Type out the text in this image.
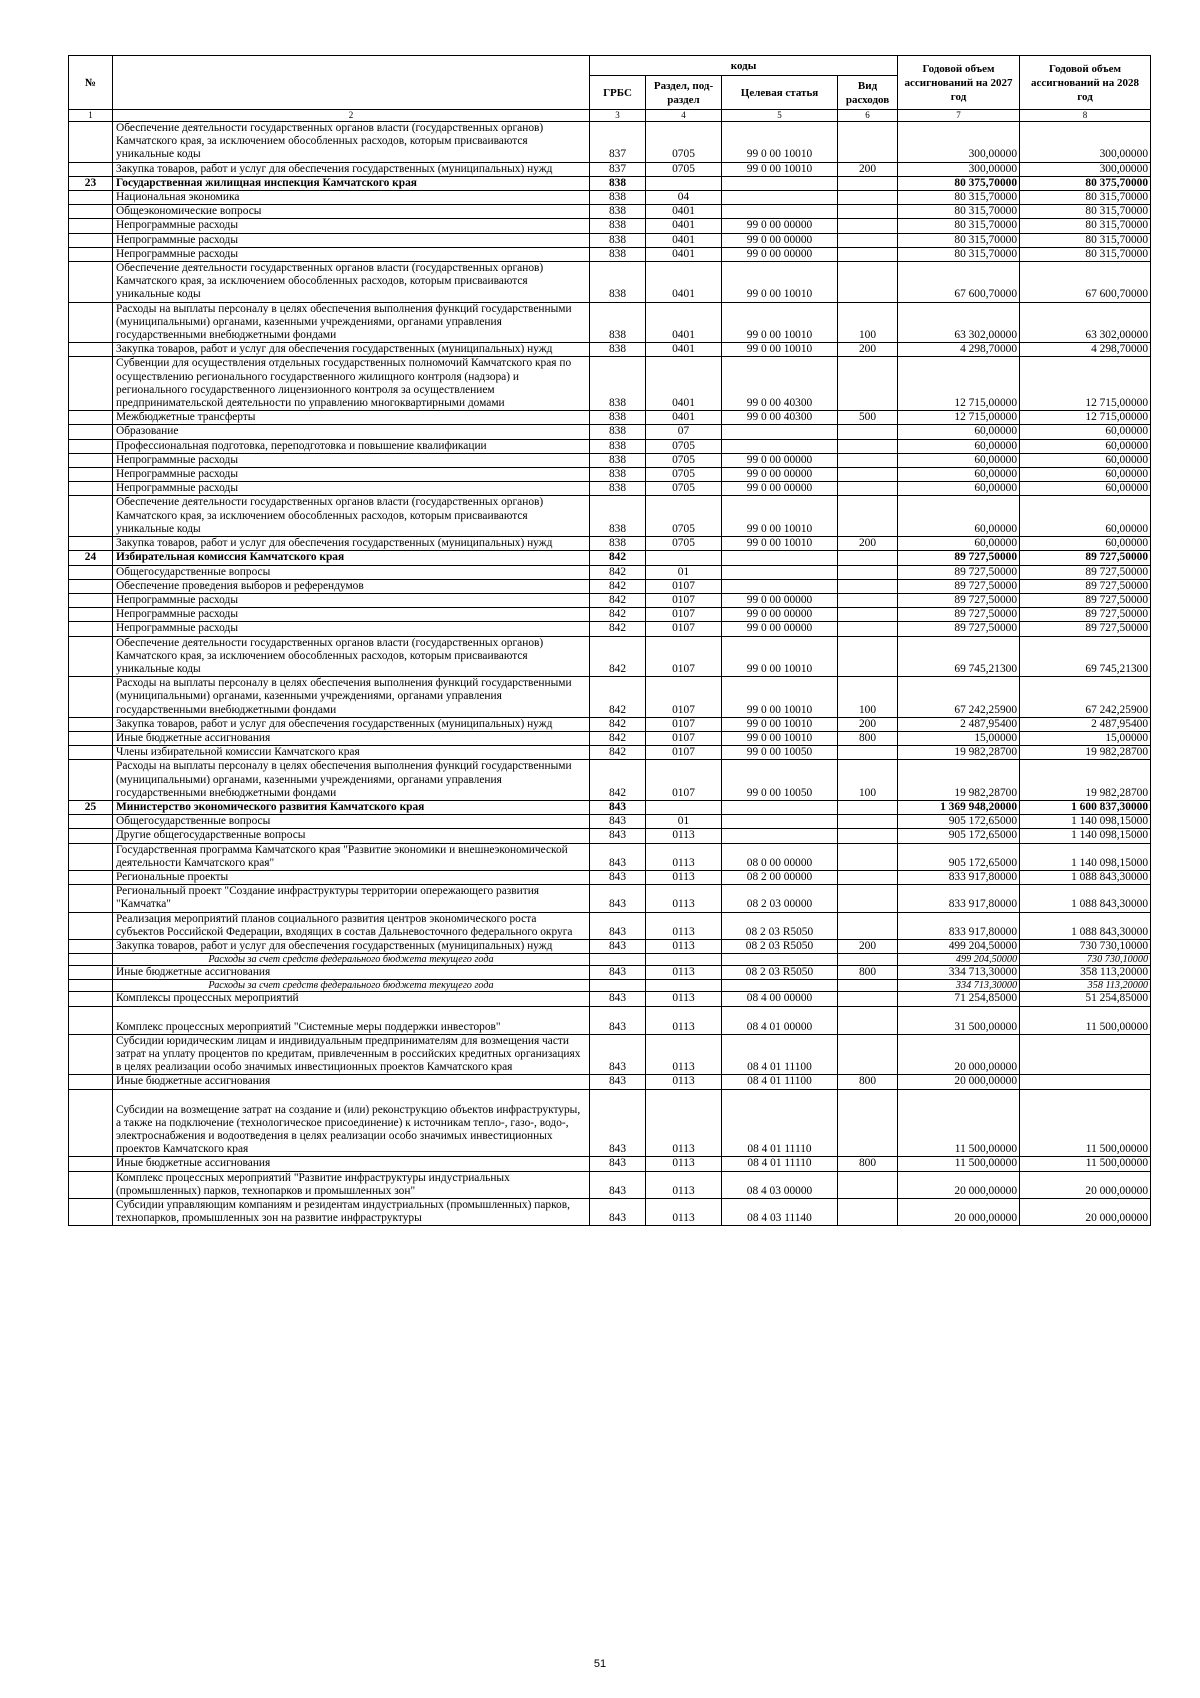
№		коды				Годовой объем ассигнований на 2027 год	Годовой объем ассигнований на 2028 год
		ГРБС	Раздел, под-раздел	Целевая статья	Вид расходов		
1	2	3	4	5	6	7	8
	Обеспечение деятельности государственных органов власти (государственных органов) Камчатского края, за исключением обособленных расходов, которым присваиваются уникальные коды	837	0705	99 0 00 10010		300,00000	300,00000
	Закупка товаров, работ и услуг для обеспечения государственных (муниципальных) нужд	837	0705	99 0 00 10010	200	300,00000	300,00000
23	Государственная жилищная инспекция Камчатского края	838				80 375,70000	80 375,70000
	Национальная экономика	838	04			80 315,70000	80 315,70000
	Общеэкономические вопросы	838	0401			80 315,70000	80 315,70000
	Непрограммные расходы	838	0401	99 0 00 00000		80 315,70000	80 315,70000
	Непрограммные расходы	838	0401	99 0 00 00000		80 315,70000	80 315,70000
	Непрограммные расходы	838	0401	99 0 00 00000		80 315,70000	80 315,70000
	Обеспечение деятельности государственных органов власти (государственных органов) Камчатского края, за исключением обособленных расходов, которым присваиваются уникальные коды	838	0401	99 0 00 10010		67 600,70000	67 600,70000
	Расходы на выплаты персоналу в целях обеспечения выполнения функций государственными (муниципальными) органами, казенными учреждениями, органами управления государственными внебюджетными фондами	838	0401	99 0 00 10010	100	63 302,00000	63 302,00000
	Закупка товаров, работ и услуг для обеспечения государственных (муниципальных) нужд	838	0401	99 0 00 10010	200	4 298,70000	4 298,70000
	Субвенции для осуществления отдельных государственных полномочий Камчатского края по осуществлению регионального государственного жилищного контроля (надзора) и регионального государственного лицензионного контроля за осуществлением предпринимательской деятельности по управлению многоквартирными домами	838	0401	99 0 00 40300		12 715,00000	12 715,00000
	Межбюджетные трансферты	838	0401	99 0 00 40300	500	12 715,00000	12 715,00000
	Образование	838	07			60,00000	60,00000
	Профессиональная подготовка, переподготовка и повышение квалификации	838	0705			60,00000	60,00000
	Непрограммные расходы	838	0705	99 0 00 00000		60,00000	60,00000
	Непрограммные расходы	838	0705	99 0 00 00000		60,00000	60,00000
	Непрограммные расходы	838	0705	99 0 00 00000		60,00000	60,00000
	Обеспечение деятельности государственных органов власти (государственных органов) Камчатского края, за исключением обособленных расходов, которым присваиваются уникальные коды	838	0705	99 0 00 10010		60,00000	60,00000
	Закупка товаров, работ и услуг для обеспечения государственных (муниципальных) нужд	838	0705	99 0 00 10010	200	60,00000	60,00000
24	Избирательная комиссия Камчатского края	842				89 727,50000	89 727,50000
	Общегосударственные вопросы	842	01			89 727,50000	89 727,50000
	Обеспечение проведения выборов и референдумов	842	0107			89 727,50000	89 727,50000
	Непрограммные расходы	842	0107	99 0 00 00000		89 727,50000	89 727,50000
	Непрограммные расходы	842	0107	99 0 00 00000		89 727,50000	89 727,50000
	Непрограммные расходы	842	0107	99 0 00 00000		89 727,50000	89 727,50000
	Обеспечение деятельности государственных органов власти (государственных органов) Камчатского края, за исключением обособленных расходов, которым присваиваются уникальные коды	842	0107	99 0 00 10010		69 745,21300	69 745,21300
	Расходы на выплаты персоналу в целях обеспечения выполнения функций государственными (муниципальными) органами, казенными учреждениями, органами управления государственными внебюджетными фондами	842	0107	99 0 00 10010	100	67 242,25900	67 242,25900
	Закупка товаров, работ и услуг для обеспечения государственных (муниципальных) нужд	842	0107	99 0 00 10010	200	2 487,95400	2 487,95400
	Иные бюджетные ассигнования	842	0107	99 0 00 10010	800	15,00000	15,00000
	Члены избирательной комиссии Камчатского края	842	0107	99 0 00 10050		19 982,28700	19 982,28700
	Расходы на выплаты персоналу в целях обеспечения выполнения функций государственными (муниципальными) органами, казенными учреждениями, органами управления государственными внебюджетными фондами	842	0107	99 0 00 10050	100	19 982,28700	19 982,28700
25	Министерство экономического развития Камчатского края	843				1 369 948,20000	1 600 837,30000
	Общегосударственные вопросы	843	01			905 172,65000	1 140 098,15000
	Другие общегосударственные вопросы	843	0113			905 172,65000	1 140 098,15000
	Государственная программа Камчатского края "Развитие экономики и внешнеэкономической деятельности Камчатского края"	843	0113	08 0 00 00000		905 172,65000	1 140 098,15000
	Региональные проекты	843	0113	08 2 00 00000		833 917,80000	1 088 843,30000
	Региональный проект "Создание инфраструктуры территории опережающего развития "Камчатка"	843	0113	08 2 03 00000		833 917,80000	1 088 843,30000
	Реализация мероприятий планов социального развития центров экономического роста субъектов Российской Федерации, входящих в состав Дальневосточного федерального округа	843	0113	08 2 03 R5050		833 917,80000	1 088 843,30000
	Закупка товаров, работ и услуг для обеспечения государственных (муниципальных) нужд	843	0113	08 2 03 R5050	200	499 204,50000	730 730,10000
	Расходы за счет средств федерального бюджета текущего года					499 204,50000	730 730,10000
	Иные бюджетные ассигнования	843	0113	08 2 03 R5050	800	334 713,30000	358 113,20000
	Расходы за счет средств федерального бюджета текущего года					334 713,30000	358 113,20000
	Комплексы процессных мероприятий	843	0113	08 4 00 00000		71 254,85000	51 254,85000
	Комплекс процессных мероприятий "Системные меры поддержки инвесторов"	843	0113	08 4 01 00000		31 500,00000	11 500,00000
	Субсидии юридическим лицам и индивидуальным предпринимателям для возмещения части затрат на уплату процентов по кредитам, привлеченным в российских кредитных организациях в целях реализации особо значимых инвестиционных проектов Камчатского края	843	0113	08 4 01 11100		20 000,00000	
	Иные бюджетные ассигнования	843	0113	08 4 01 11100	800	20 000,00000	
	Субсидии на возмещение затрат на создание и (или) реконструкцию объектов инфраструктуры, а также на подключение (технологическое присоединение) к источникам тепло-, газо-, водо-, электроснабжения и водоотведения в целях реализации особо значимых инвестиционных проектов Камчатского края	843	0113	08 4 01 11110		11 500,00000	11 500,00000
	Иные бюджетные ассигнования	843	0113	08 4 01 11110	800	11 500,00000	11 500,00000
	Комплекс процессных мероприятий "Развитие инфраструктуры индустриальных (промышленных) парков, технопарков и промышленных зон"	843	0113	08 4 03 00000		20 000,00000	20 000,00000
	Субсидии управляющим компаниям и резидентам индустриальных (промышленных) парков, технопарков, промышленных зон на развитие инфраструктуры	843	0113	08 4 03 11140		20 000,00000	20 000,00000
51
